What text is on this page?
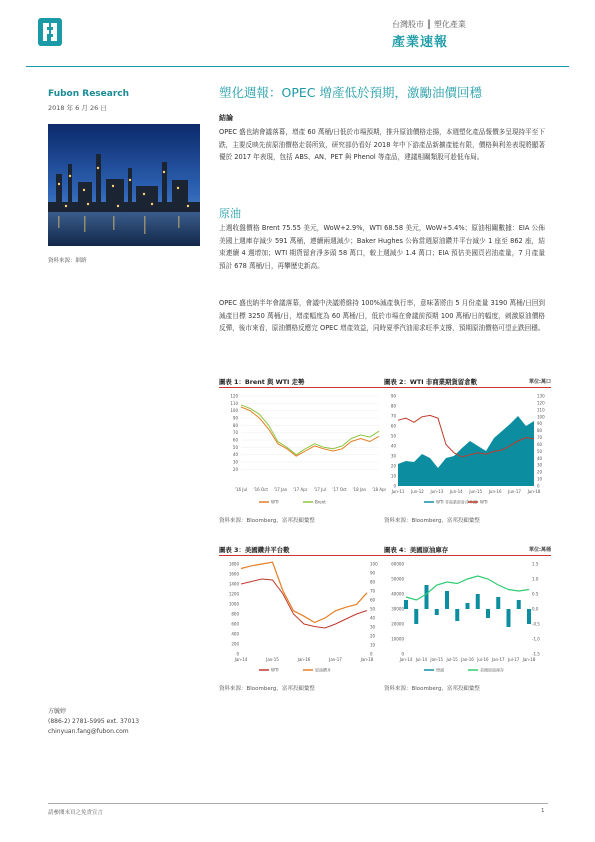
台灣股市 ║ 塑化產業
產業速報
Fubon Research
2018 年 6 月 26 日
資料來源：網路
塑化週報：OPEC 增產低於預期，激勵油價回穩
結論
OPEC 盛也納會議落幕，增產 60 萬桶/日低於市場預期，推升原油價格走揚，本週塑化產品報價多呈現持平至下跌，主要反映先前原油價格走弱所致，研究部仍看好 2018 年中下游產品新擴產能有限，價格與利差表現將顯著優於 2017 年表現，包括 ABS、AN、PET 與 Phenol 等產品，建議相關類股可趁低布局。
原油
上週收盤價格 Brent 75.55 美元，WoW+2.9%，WTI 68.58 美元，WoW+5.4%；原油相關數據：EIA 公佈美國上週庫存減少 591 萬桶，連續兩週減少；Baker Hughes 公佈當週原油鑽井平台減少 1 座至 862 座，結束連續 4 週增加；WTI 期貨留倉淨多頭 58 萬口，較上週減少 1.4 萬口；EIA 預估美國頁岩油產量，7 月產量預計 678 萬桶/日，再攀歷史新高。
OPEC 盛也納半年會議落幕，會議中決議將維持 100%減產執行率，意味著將由 5 月份產量 3190 萬桶/日回到減產目標 3250 萬桶/日，增產幅度為 60 萬桶/日，低於市場在會議前預期 100 萬桶/日的幅度，刺激原油價格反彈，後市來看，原油價格反應完 OPEC 增產效益，同時夏季汽油需求旺季支撐，預期原油價格可望止跌回穩。
圖表 1：Brent 與 WTI 走勢
20
30
40
50
60
70
80
90
100
110
120
'16 Jul '16 Oct '17 Jan '17 Apr '17 Jul '17 Oct '18 Jan '18 Apr
WTI	Brent
資料來源：Bloomberg，富邦投顧彙整
圖表 2：WTI 非商業期貨留倉數	單位:萬口
0
10
20
30
40
50
60
70
80
90
0
10
20
30
40
50
60
70
80
90
100
110
120
130
Jun-11 Jun-12 Jun-13 Jun-14 Jun-15 Jun-16 Jun-17 Jun-18
WTI 非商業留倉淨多頭 WTI
資料來源：Bloomberg，富邦投顧彙整
圖表 3：美國鑽井平台數
0
200
400
600
800
1000
1200
1400
1600
1800
0
10
20
30
40
50
60
70
80
90
100
Jan-14	Jan-15	Jan-16	Jan-17	Jan-18
WTI	原油鑽井
資料來源：Bloomberg，富邦投顧彙整
圖表 4：美國原油庫存	單位:萬桶
0
10000
20000
30000
40000
50000
60000
-1.5
-1.0
-0.5
0.0
0.5
1.0
1.5
Jan-14 Jul-14 Jan-15 Jul-15 Jan-16 Jul-16 Jan-17 Jul-17 Jan-18
增減	美國原油庫存
資料來源：Bloomberg，富邦投顧彙整
方毓婷
(886-2) 2781-5995 ext. 37013
chinyuan.fang@fubon.com
請參閱末頁之免責宣言	1
